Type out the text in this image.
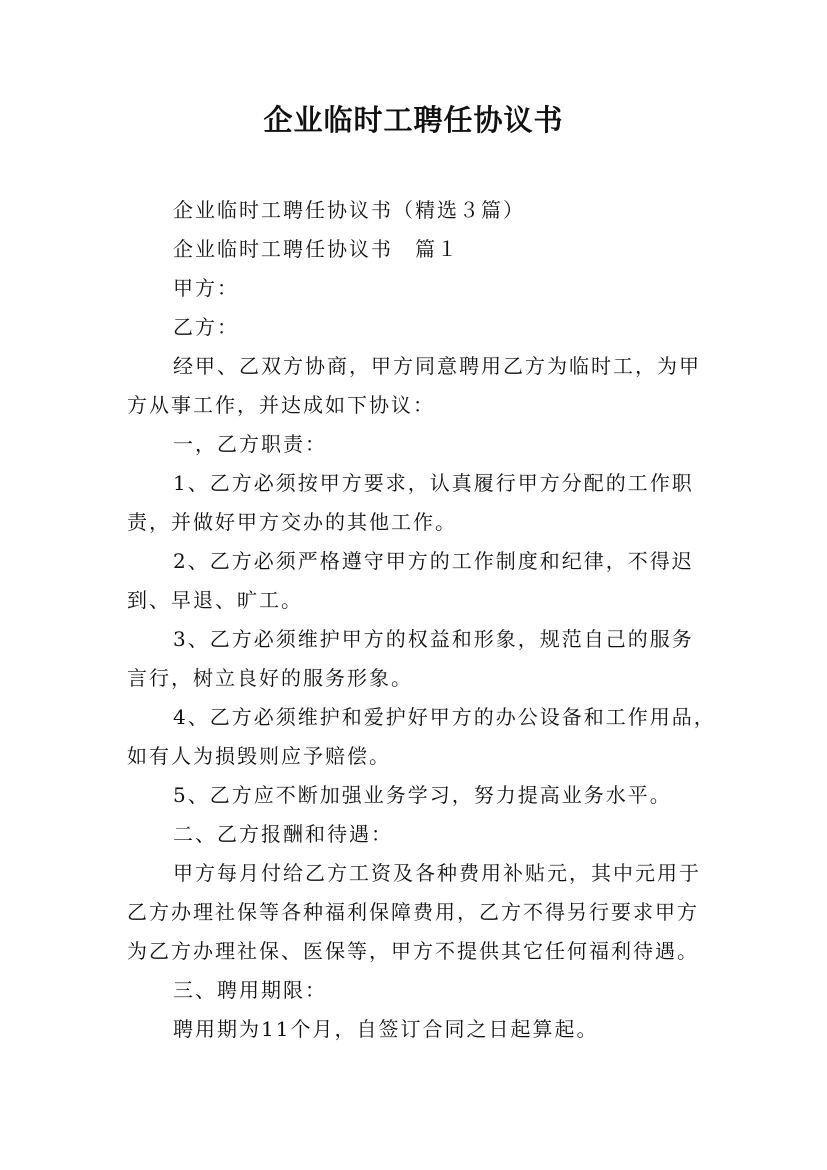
企业临时工聘任协议书

企业临时工聘任协议书（精选３篇）

企业临时工聘任协议书　篇１

甲方：

乙方：

经甲、乙双方协商，甲方同意聘用乙方为临时工，为甲
方从事工作，并达成如下协议：

一，乙方职责：

1、乙方必须按甲方要求，认真履行甲方分配的工作职
责，并做好甲方交办的其他工作。

2、乙方必须严格遵守甲方的工作制度和纪律，不得迟
到、早退、旷工。

3、乙方必须维护甲方的权益和形象，规范自己的服务
言行，树立良好的服务形象。

4、乙方必须维护和爱护好甲方的办公设备和工作用品，
如有人为损毁则应予赔偿。

5、乙方应不断加强业务学习，努力提高业务水平。

二、乙方报酬和待遇：

甲方每月付给乙方工资及各种费用补贴元，其中元用于
乙方办理社保等各种福利保障费用，乙方不得另行要求甲方
为乙方办理社保、医保等，甲方不提供其它任何福利待遇。

三、聘用期限：

聘用期为11个月，自签订合同之日起算起。
